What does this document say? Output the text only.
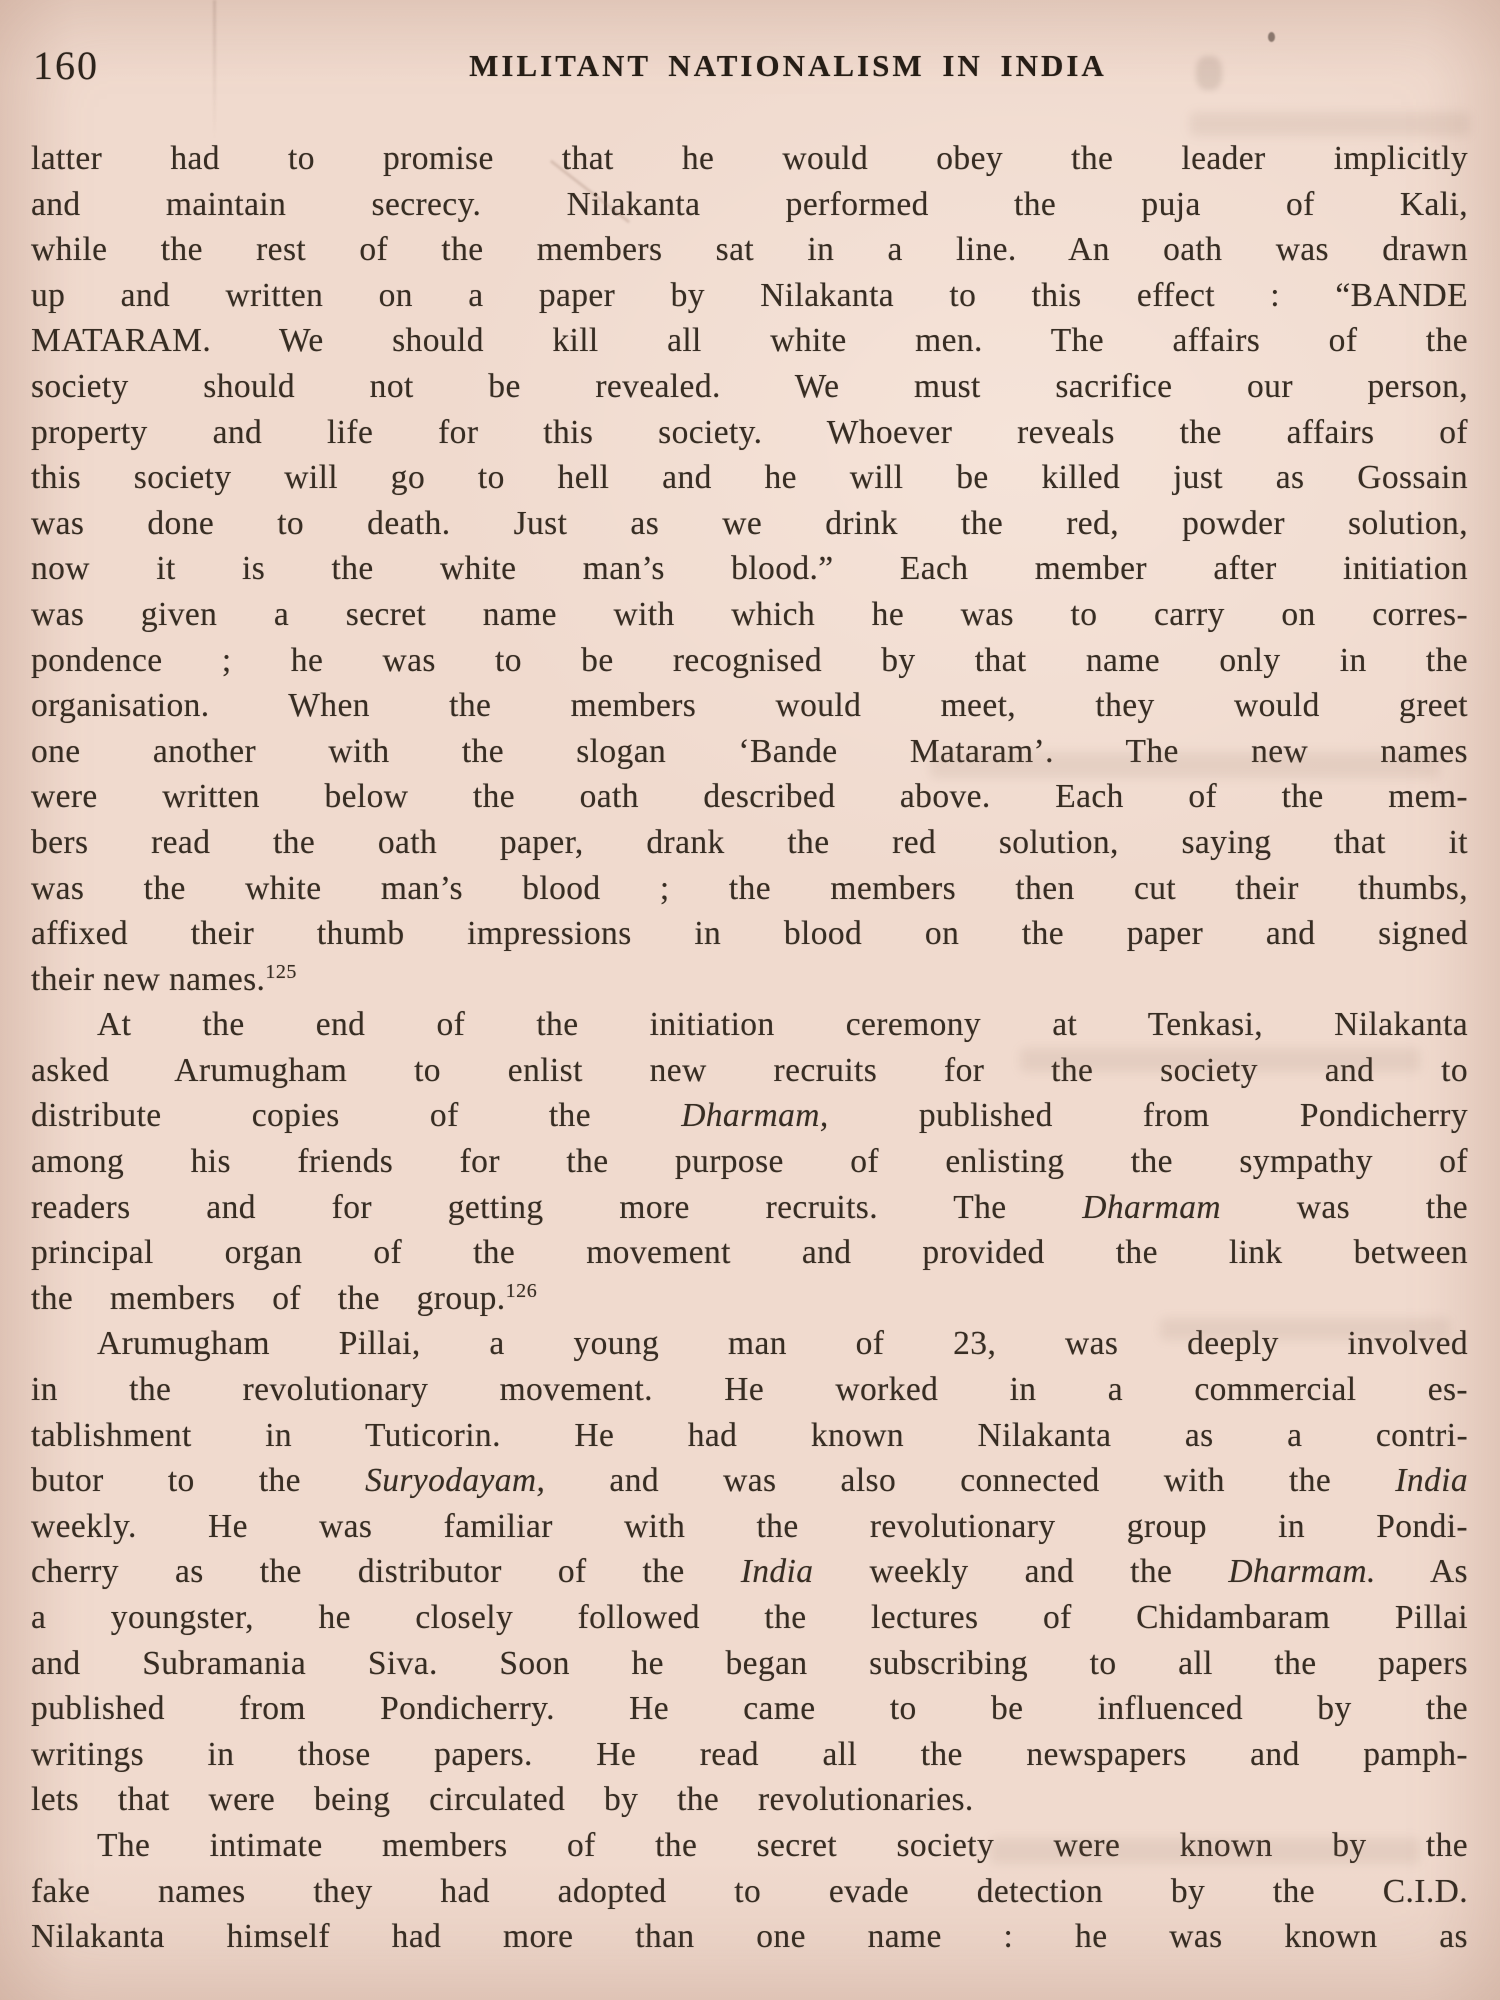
160	MILITANT NATIONALISM IN INDIA
latter had to promise that he would obey the leader implicitly
and maintain secrecy. Nilakanta performed the puja of Kali,
while the rest of the members sat in a line. An oath was drawn
up and written on a paper by Nilakanta to this effect : “BANDE
MATARAM. We should kill all white men. The affairs of the
society should not be revealed. We must sacrifice our person,
property and life for this society. Whoever reveals the affairs of
this society will go to hell and he will be killed just as Gossain
was done to death. Just as we drink the red, powder solution,
now it is the white man’s blood.” Each member after initiation
was given a secret name with which he was to carry on corres-
pondence ; he was to be recognised by that name only in the
organisation. When the members would meet, they would greet
one another with the slogan ‘Bande Mataram’. The new names
were written below the oath described above. Each of the mem-
bers read the oath paper, drank the red solution, saying that it
was the white man’s blood ; the members then cut their thumbs,
affixed their thumb impressions in blood on the paper and signed
their new names.$^{125}$
At the end of the initiation ceremony at Tenkasi, Nilakanta
asked Arumugham to enlist new recruits for the society and to
distribute copies of the Dharmam, published from Pondicherry
among his friends for the purpose of enlisting the sympathy of
readers and for getting more recruits. The Dharmam was the
principal organ of the movement and provided the link between
the members of the group.$^{126}$
Arumugham Pillai, a young man of 23, was deeply involved
in the revolutionary movement. He worked in a commercial es-
tablishment in Tuticorin. He had known Nilakanta as a contri-
butor to the Suryodayam, and was also connected with the India
weekly. He was familiar with the revolutionary group in Pondi-
cherry as the distributor of the India weekly and the Dharmam. As
a youngster, he closely followed the lectures of Chidambaram Pillai
and Subramania Siva. Soon he began subscribing to all the papers
published from Pondicherry. He came to be influenced by the
writings in those papers. He read all the newspapers and pamph-
lets that were being circulated by the revolutionaries.
The intimate members of the secret society were known by the
fake names they had adopted to evade detection by the C.I.D.
Nilakanta himself had more than one name : he was known as
